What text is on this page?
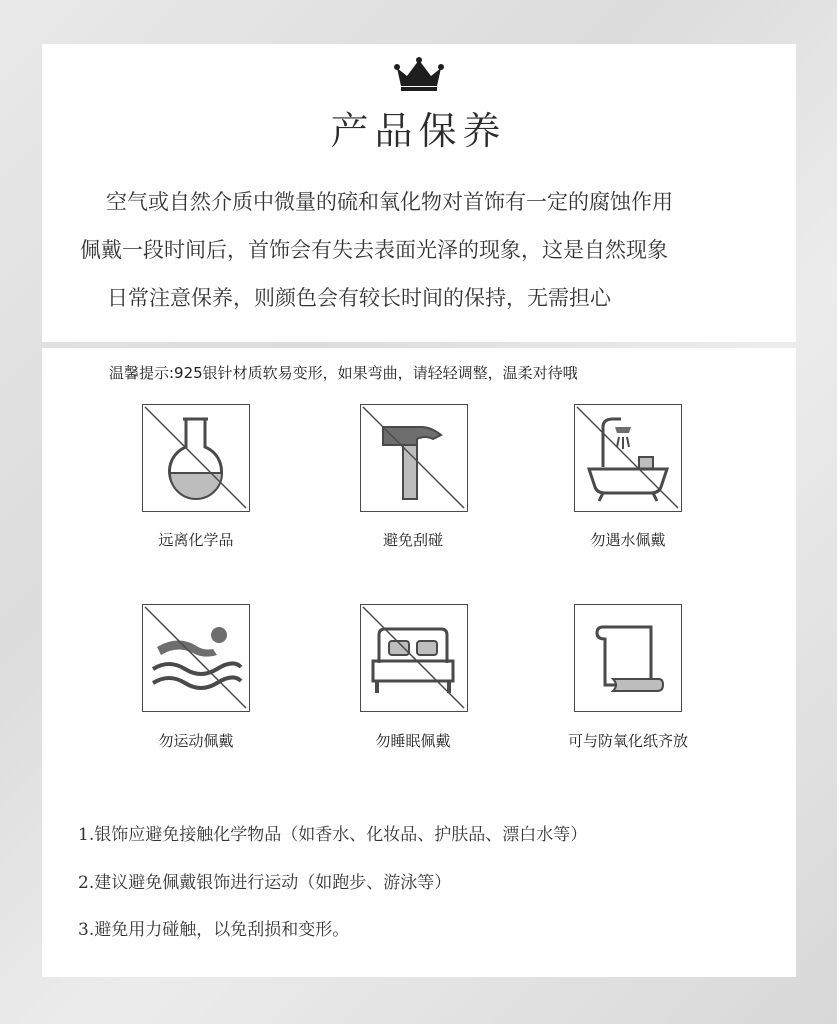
产品保养
空气或自然介质中微量的硫和氧化物对首饰有一定的腐蚀作用
佩戴一段时间后，首饰会有失去表面光泽的现象，这是自然现象
日常注意保养，则颜色会有较长时间的保持，无需担心
温馨提示:925银针材质软易变形，如果弯曲，请轻轻调整，温柔对待哦
远离化学品	避免刮碰	勿遇水佩戴
勿运动佩戴	勿睡眠佩戴	可与防氧化纸齐放
1.银饰应避免接触化学物品（如香水、化妆品、护肤品、漂白水等）
2.建议避免佩戴银饰进行运动（如跑步、游泳等）
3.避免用力碰触，以免刮损和变形。
